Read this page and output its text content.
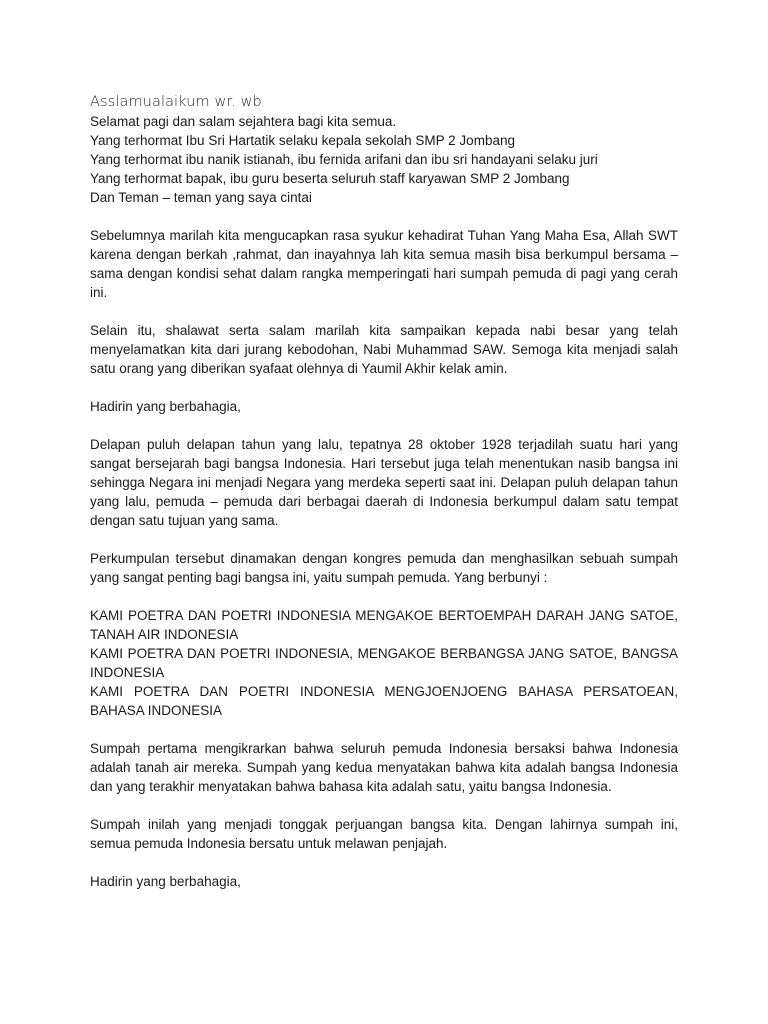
Asslamualaikum wr. wb
Selamat pagi dan salam sejahtera bagi kita semua.
Yang terhormat Ibu Sri Hartatik selaku kepala sekolah SMP 2 Jombang
Yang terhormat ibu nanik istianah, ibu fernida arifani dan ibu sri handayani selaku juri
Yang terhormat bapak, ibu guru beserta seluruh staff karyawan SMP 2 Jombang
Dan Teman – teman yang saya cintai

Sebelumnya marilah kita mengucapkan rasa syukur kehadirat Tuhan Yang Maha Esa, Allah SWT karena dengan berkah ,rahmat, dan inayahnya lah kita semua masih bisa berkumpul bersama – sama dengan kondisi sehat dalam rangka memperingati hari sumpah pemuda di pagi yang cerah ini.

Selain itu, shalawat serta salam marilah kita sampaikan kepada nabi besar yang telah menyelamatkan kita dari jurang kebodohan, Nabi Muhammad SAW. Semoga kita menjadi salah satu orang yang diberikan syafaat olehnya di Yaumil Akhir kelak amin.

Hadirin yang berbahagia,

Delapan puluh delapan tahun yang lalu, tepatnya 28 oktober 1928 terjadilah suatu hari yang sangat bersejarah bagi bangsa Indonesia. Hari tersebut juga telah menentukan nasib bangsa ini sehingga Negara ini menjadi Negara yang merdeka seperti saat ini. Delapan puluh delapan tahun yang lalu, pemuda – pemuda dari berbagai daerah di Indonesia berkumpul dalam satu tempat dengan satu tujuan yang sama.

Perkumpulan tersebut dinamakan dengan kongres pemuda dan menghasilkan sebuah sumpah yang sangat penting bagi bangsa ini, yaitu sumpah pemuda. Yang berbunyi :

KAMI POETRA DAN POETRI INDONESIA MENGAKOE BERTOEMPAH DARAH JANG SATOE, TANAH AIR INDONESIA
KAMI POETRA DAN POETRI INDONESIA, MENGAKOE BERBANGSA JANG SATOE, BANGSA INDONESIA
KAMI POETRA DAN POETRI INDONESIA MENGJOENJOENG BAHASA PERSATOEAN, BAHASA INDONESIA

Sumpah pertama mengikrarkan bahwa seluruh pemuda Indonesia bersaksi bahwa Indonesia adalah tanah air mereka. Sumpah yang kedua menyatakan bahwa kita adalah bangsa Indonesia dan yang terakhir menyatakan bahwa bahasa kita adalah satu, yaitu bangsa Indonesia.

Sumpah inilah yang menjadi tonggak perjuangan bangsa kita. Dengan lahirnya sumpah ini, semua pemuda Indonesia bersatu untuk melawan penjajah.

Hadirin yang berbahagia,
